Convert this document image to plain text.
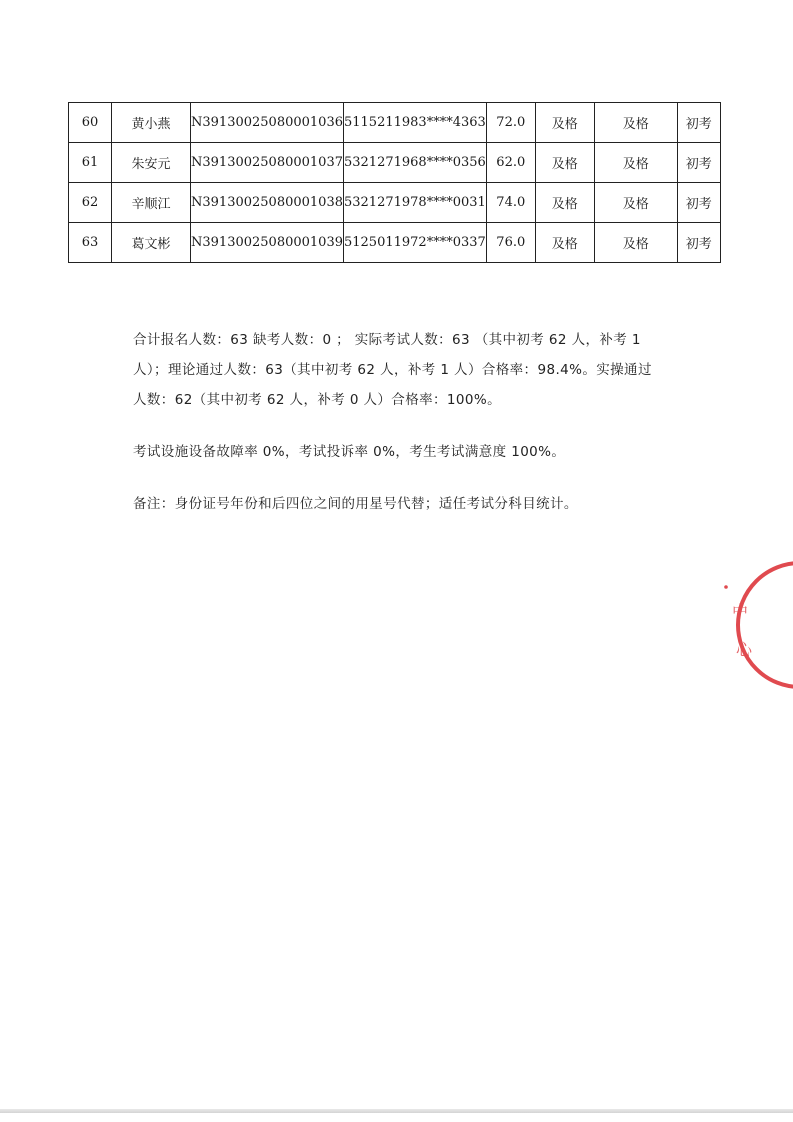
60	黄小燕	N39130025080001036	5115211983****4363	72.0	及格	及格	初考
61	朱安元	N39130025080001037	5321271968****0356	62.0	及格	及格	初考
62	辛顺江	N39130025080001038	5321271978****0031	74.0	及格	及格	初考
63	葛文彬	N39130025080001039	5125011972****0337	76.0	及格	及格	初考

合计报名人数：63 缺考人数：0 ； 实际考试人数：63 （其中初考 62 人，补考 1 人）；理论通过人数：63（其中初考 62 人，补考 1 人）合格率：98.4%。实操通过人数：62（其中初考 62 人，补考 0 人）合格率：100%。

考试设施设备故障率 0%，考试投诉率 0%，考生考试满意度 100%。

备注：身份证号年份和后四位之间的用星号代替；适任考试分科目统计。

中
心
